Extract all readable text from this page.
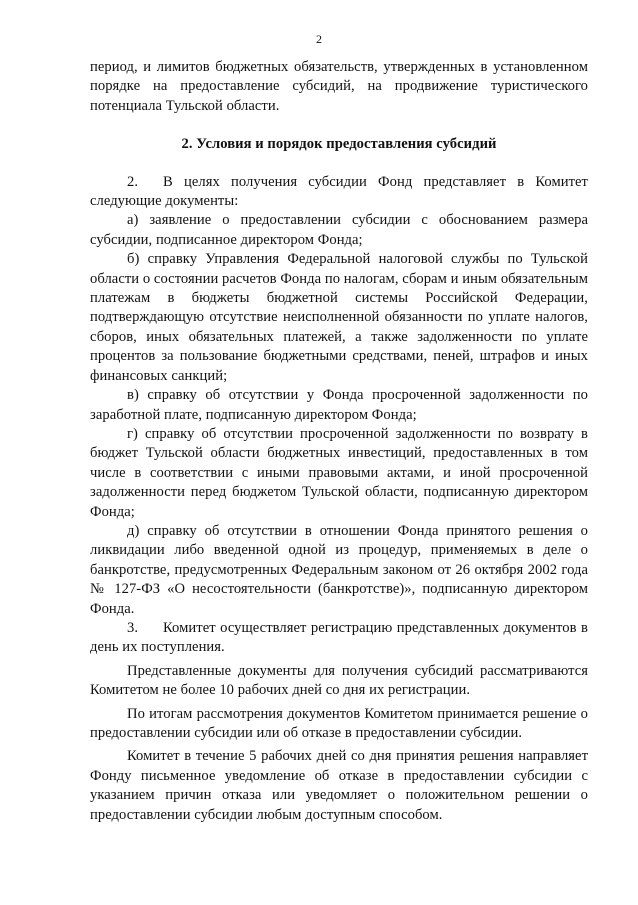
2

период, и лимитов бюджетных обязательств, утвержденных в установленном порядке на предоставление субсидий, на продвижение туристического потенциала Тульской области.

2. Условия и порядок предоставления субсидий

2. В целях получения субсидии Фонд представляет в Комитет следующие документы:

а) заявление о предоставлении субсидии с обоснованием размера субсидии, подписанное директором Фонда;

б) справку Управления Федеральной налоговой службы по Тульской области о состоянии расчетов Фонда по налогам, сборам и иным обязательным платежам в бюджеты бюджетной системы Российской Федерации, подтверждающую отсутствие неисполненной обязанности по уплате налогов, сборов, иных обязательных платежей, а также задолженности по уплате процентов за пользование бюджетными средствами, пеней, штрафов и иных финансовых санкций;

в) справку об отсутствии у Фонда просроченной задолженности по заработной плате, подписанную директором Фонда;

г) справку об отсутствии просроченной задолженности по возврату в бюджет Тульской области бюджетных инвестиций, предоставленных в том числе в соответствии с иными правовыми актами, и иной просроченной задолженности перед бюджетом Тульской области, подписанную директором Фонда;

д) справку об отсутствии в отношении Фонда принятого решения о ликвидации либо введенной одной из процедур, применяемых в деле о банкротстве, предусмотренных Федеральным законом от 26 октября 2002 года № 127-ФЗ «О несостоятельности (банкротстве)», подписанную директором Фонда.

3. Комитет осуществляет регистрацию представленных документов в день их поступления.

Представленные документы для получения субсидий рассматриваются Комитетом не более 10 рабочих дней со дня их регистрации.

По итогам рассмотрения документов Комитетом принимается решение о предоставлении субсидии или об отказе в предоставлении субсидии.

Комитет в течение 5 рабочих дней со дня принятия решения направляет Фонду письменное уведомление об отказе в предоставлении субсидии с указанием причин отказа или уведомляет о положительном решении о предоставлении субсидии любым доступным способом.
